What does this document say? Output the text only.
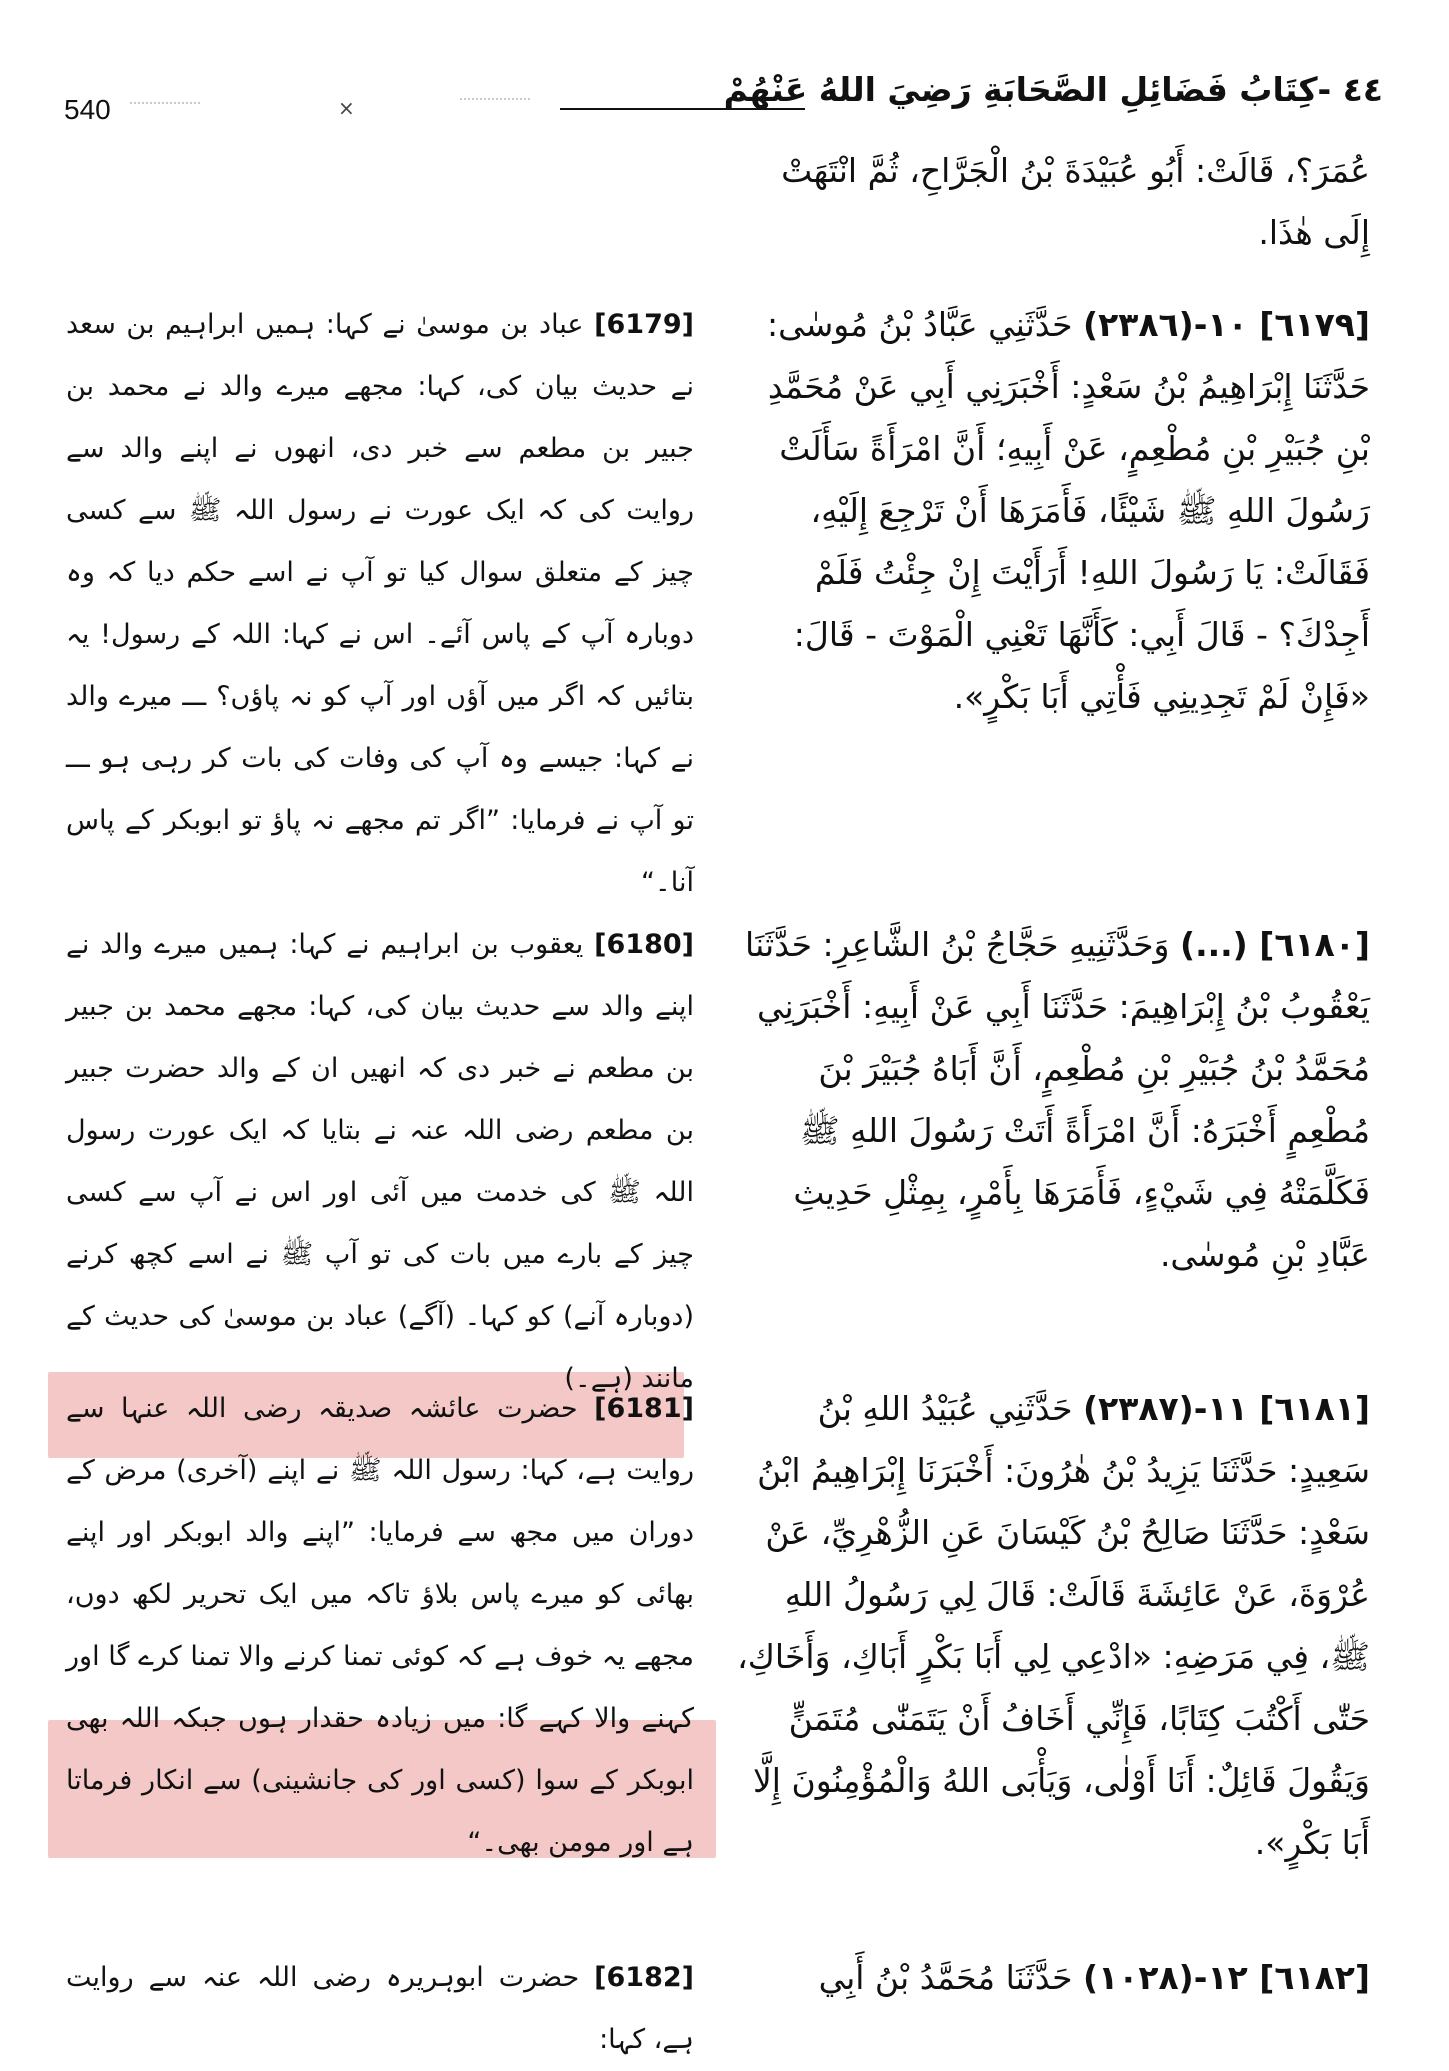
540	×	٤٤ -كِتَابُ فَضَائِلِ الصَّحَابَةِ رَضِيَ اللهُ عَنْهُمْ

عُمَرَ؟، قَالَتْ: أَبُو عُبَيْدَةَ بْنُ الْجَرَّاحِ، ثُمَّ انْتَهَتْ إِلَى هٰذَا.

[٦١٧٩] ١٠-(٢٣٨٦) حَدَّثَنِي عَبَّادُ بْنُ مُوسٰى: حَدَّثَنَا إِبْرَاهِيمُ بْنُ سَعْدٍ: أَخْبَرَنِي أَبِي عَنْ مُحَمَّدِ بْنِ جُبَيْرِ بْنِ مُطْعِمٍ، عَنْ أَبِيهِ؛ أَنَّ امْرَأَةً سَأَلَتْ رَسُولَ اللهِ ﷺ شَيْئًا، فَأَمَرَهَا أَنْ تَرْجِعَ إِلَيْهِ، فَقَالَتْ: يَا رَسُولَ اللهِ! أَرَأَيْتَ إِنْ جِئْتُ فَلَمْ أَجِدْكَ؟ - قَالَ أَبِي: كَأَنَّهَا تَعْنِي الْمَوْتَ - قَالَ: «فَإِنْ لَمْ تَجِدِينِي فَأْتِي أَبَا بَكْرٍ».

[٦١٨٠] (...) وَحَدَّثَنِيهِ حَجَّاجُ بْنُ الشَّاعِرِ: حَدَّثَنَا يَعْقُوبُ بْنُ إِبْرَاهِيمَ: حَدَّثَنَا أَبِي عَنْ أَبِيهِ: أَخْبَرَنِي مُحَمَّدُ بْنُ جُبَيْرِ بْنِ مُطْعِمٍ، أَنَّ أَبَاهُ جُبَيْرَ بْنَ مُطْعِمٍ أَخْبَرَهُ: أَنَّ امْرَأَةً أَتَتْ رَسُولَ اللهِ ﷺ فَكَلَّمَتْهُ فِي شَيْءٍ، فَأَمَرَهَا بِأَمْرٍ، بِمِثْلِ حَدِيثِ عَبَّادِ بْنِ مُوسٰى.

[٦١٨١] ١١-(٢٣٨٧) حَدَّثَنِي عُبَيْدُ اللهِ بْنُ سَعِيدٍ: حَدَّثَنَا يَزِيدُ بْنُ هٰرُونَ: أَخْبَرَنَا إِبْرَاهِيمُ ابْنُ سَعْدٍ: حَدَّثَنَا صَالِحُ بْنُ كَيْسَانَ عَنِ الزُّهْرِيِّ، عَنْ عُرْوَةَ، عَنْ عَائِشَةَ قَالَتْ: قَالَ لِي رَسُولُ اللهِ ﷺ، فِي مَرَضِهِ: «ادْعِي لِي أَبَا بَكْرٍ أَبَاكِ، وَأَخَاكِ، حَتّٰى أَكْتُبَ كِتَابًا، فَإِنِّي أَخَافُ أَنْ يَتَمَنّٰى مُتَمَنٍّ وَيَقُولَ قَائِلٌ: أَنَا أَوْلٰى، وَيَأْبَى اللهُ وَالْمُؤْمِنُونَ إِلَّا أَبَا بَكْرٍ».

[٦١٨٢] ١٢-(١٠٢٨) حَدَّثَنَا مُحَمَّدُ بْنُ أَبِي

[6179] عباد بن موسیٰ نے کہا: ہمیں ابراہیم بن سعد نے حدیث بیان کی، کہا: مجھے میرے والد نے محمد بن جبیر بن مطعم سے خبر دی، انھوں نے اپنے والد سے روایت کی کہ ایک عورت نے رسول اللہ ﷺ سے کسی چیز کے متعلق سوال کیا تو آپ نے اسے حکم دیا کہ وہ دوبارہ آپ کے پاس آئے۔ اس نے کہا: اللہ کے رسول! یہ بتائیں کہ اگر میں آؤں اور آپ کو نہ پاؤں؟ ـــ میرے والد نے کہا: جیسے وہ آپ کی وفات کی بات کر رہی ہو ـــ تو آپ نے فرمایا: ”اگر تم مجھے نہ پاؤ تو ابوبکر کے پاس آنا۔“

[6180] یعقوب بن ابراہیم نے کہا: ہمیں میرے والد نے اپنے والد سے حدیث بیان کی، کہا: مجھے محمد بن جبیر بن مطعم نے خبر دی کہ انھیں ان کے والد حضرت جبیر بن مطعم رضی اللہ عنہ نے بتایا کہ ایک عورت رسول اللہ ﷺ کی خدمت میں آئی اور اس نے آپ سے کسی چیز کے بارے میں بات کی تو آپ ﷺ نے اسے کچھ کرنے (دوبارہ آنے) کو کہا۔ (آگے) عباد بن موسیٰ کی حدیث کے مانند (ہے۔)

[6181] حضرت عائشہ صدیقہ رضی اللہ عنہا سے روایت ہے، کہا: رسول اللہ ﷺ نے اپنے (آخری) مرض کے دوران میں مجھ سے فرمایا: ”اپنے والد ابوبکر اور اپنے بھائی کو میرے پاس بلاؤ تاکہ میں ایک تحریر لکھ دوں، مجھے یہ خوف ہے کہ کوئی تمنا کرنے والا تمنا کرے گا اور کہنے والا کہے گا: میں زیادہ حقدار ہوں جبکہ اللہ بھی ابوبکر کے سوا (کسی اور کی جانشینی) سے انکار فرماتا ہے اور مومن بھی۔“

[6182] حضرت ابوہریرہ رضی اللہ عنہ سے روایت ہے، کہا:
